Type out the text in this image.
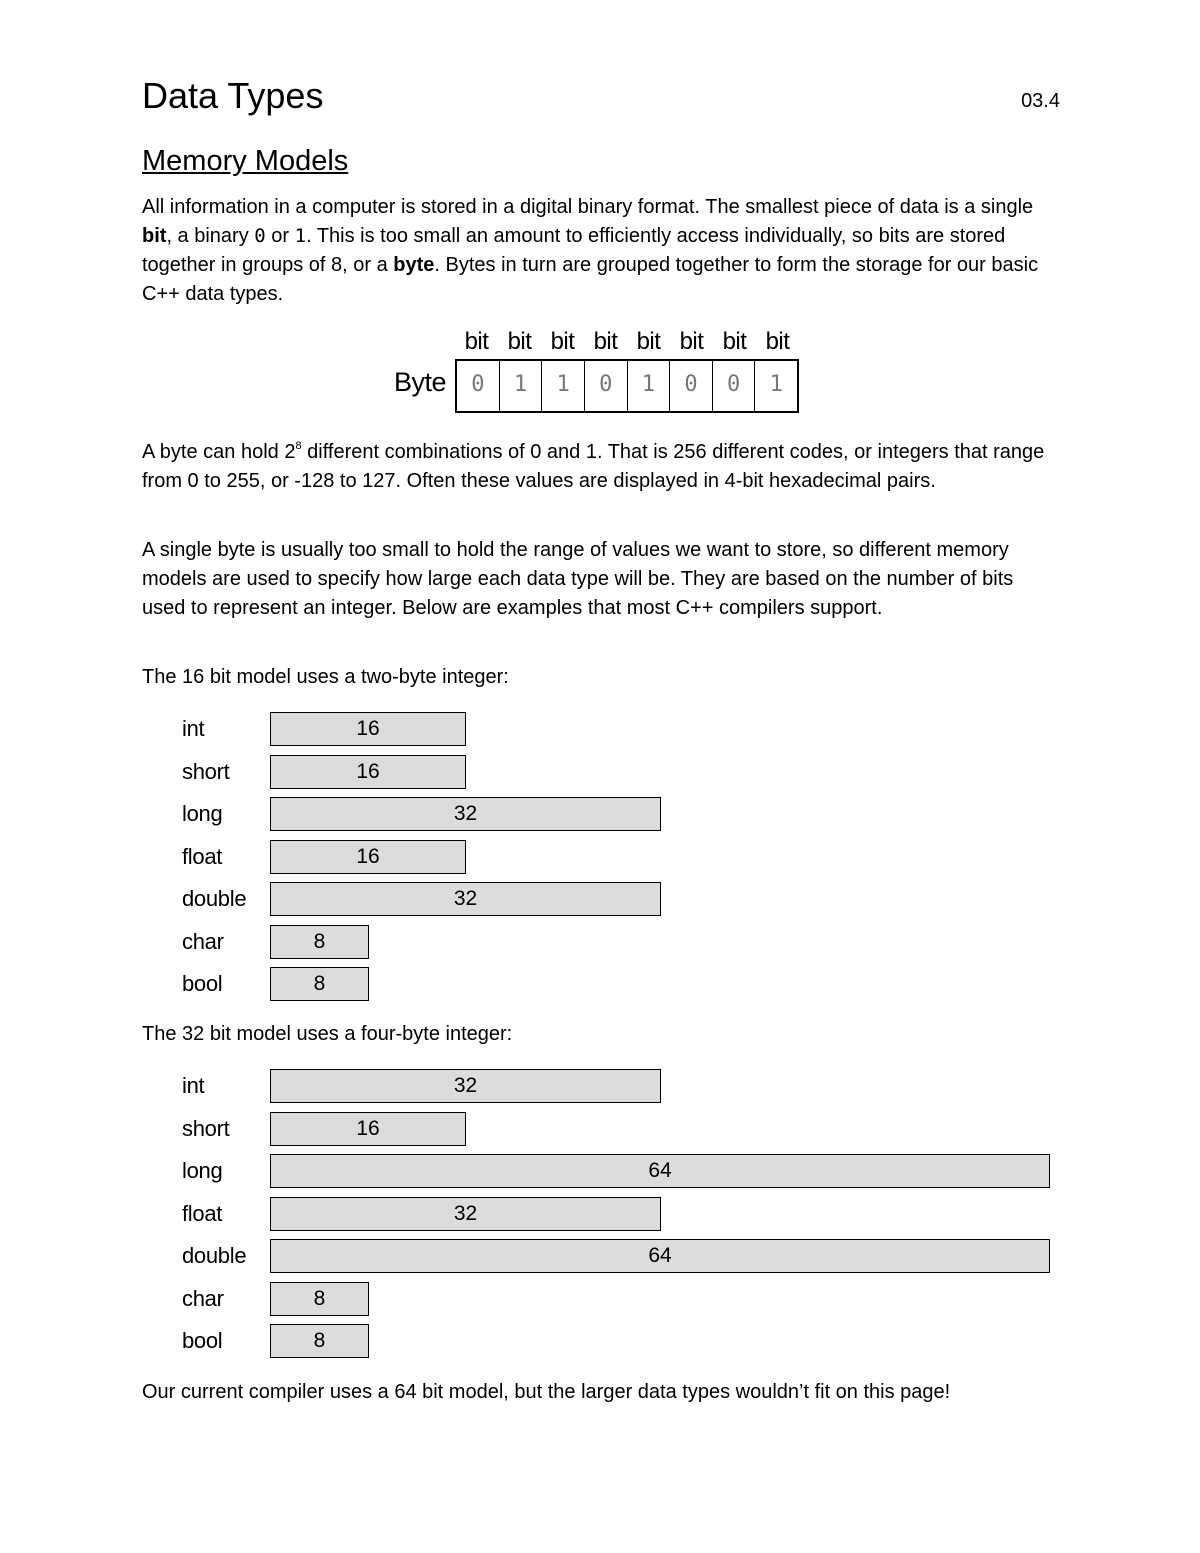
Data Types	03.4
Memory Models

All information in a computer is stored in a digital binary format. The smallest piece of data is a single bit, a binary 0 or 1. This is too small an amount to efficiently access individually, so bits are stored together in groups of 8, or a byte. Bytes in turn are grouped together to form the storage for our basic C++ data types.

bit bit bit bit bit bit bit bit
Byte	0	1	1	0	1	0	0	1

A byte can hold $2^8$ different combinations of 0 and 1. That is 256 different codes, or integers that range from 0 to 255, or -128 to 127. Often these values are displayed in 4-bit hexadecimal pairs.

A single byte is usually too small to hold the range of values we want to store, so different memory models are used to specify how large each data type will be. They are based on the number of bits used to represent an integer. Below are examples that most C++ compilers support.

The 16 bit model uses a two-byte integer:

int	16
short	16
long	32
float	16
double	32
char	8
bool	8

The 32 bit model uses a four-byte integer:

int	32
short	16
long	64
float	32
double	64
char	8
bool	8

Our current compiler uses a 64 bit model, but the larger data types wouldn’t fit on this page!
